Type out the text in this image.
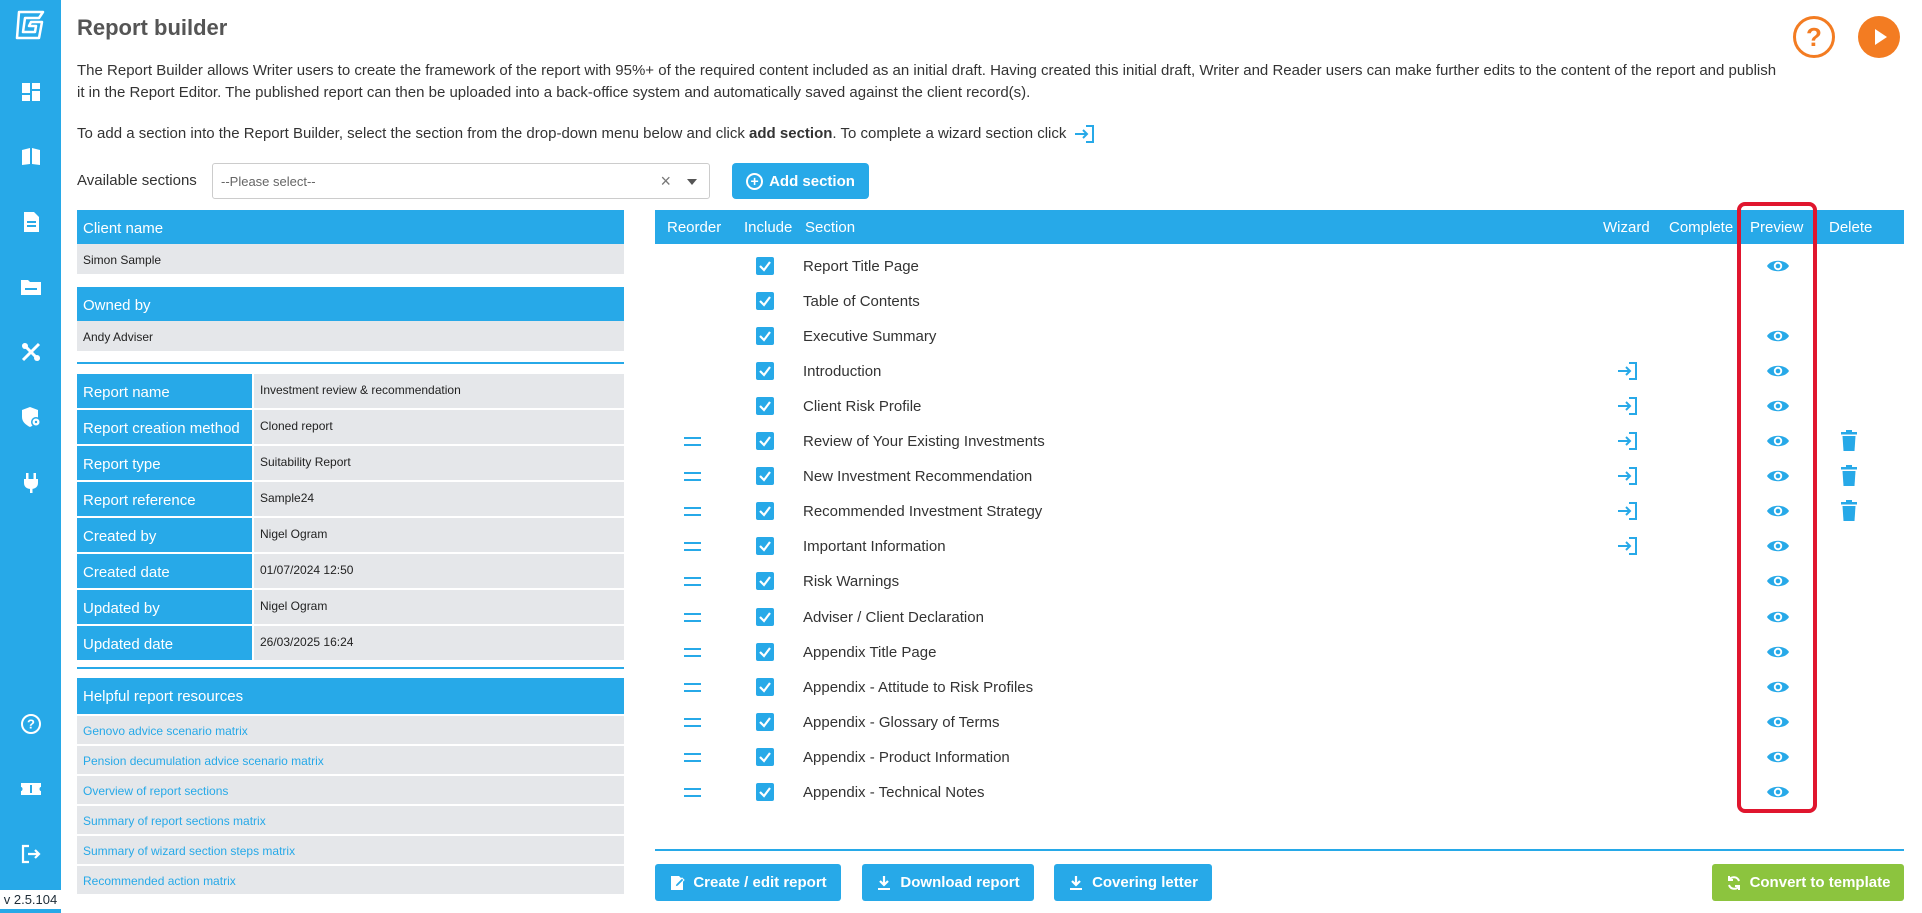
?
v 2.5.104
Report builder	?
The Report Builder allows Writer users to create the framework of the report with 95%+ of the required content included as an initial draft. Having created this initial draft, Writer and Reader users can make further edits to the content of the report and publish it in the Report Editor. The published report can then be uploaded into a back-office system and automatically saved against the client record(s).
To add a section into the Report Builder, select the section from the drop-down menu below and click add section. To complete a wizard section click
Available sections --Please select--	×	+ Add section
Client name
Simon Sample
Owned by
Andy Adviser
Report name	Investment review & recommendation
Report creation method	Cloned report
Report type	Suitability Report
Report reference	Sample24
Created by	Nigel Ogram
Created date	01/07/2024 12:50
Updated by	Nigel Ogram
Updated date	26/03/2025 16:24
Helpful report resources
Genovo advice scenario matrix
Pension decumulation advice scenario matrix
Overview of report sections
Summary of report sections matrix
Summary of wizard section steps matrix
Recommended action matrix
Reorder Include Section	Wizard Complete Preview Delete
Report Title Page
Table of Contents
Executive Summary
Introduction
Client Risk Profile
Review of Your Existing Investments
New Investment Recommendation
Recommended Investment Strategy
Important Information
Risk Warnings
Adviser / Client Declaration
Appendix Title Page
Appendix - Attitude to Risk Profiles
Appendix - Glossary of Terms
Appendix - Product Information
Appendix - Technical Notes
Create / edit report	Download report	Covering letter	Convert to template
